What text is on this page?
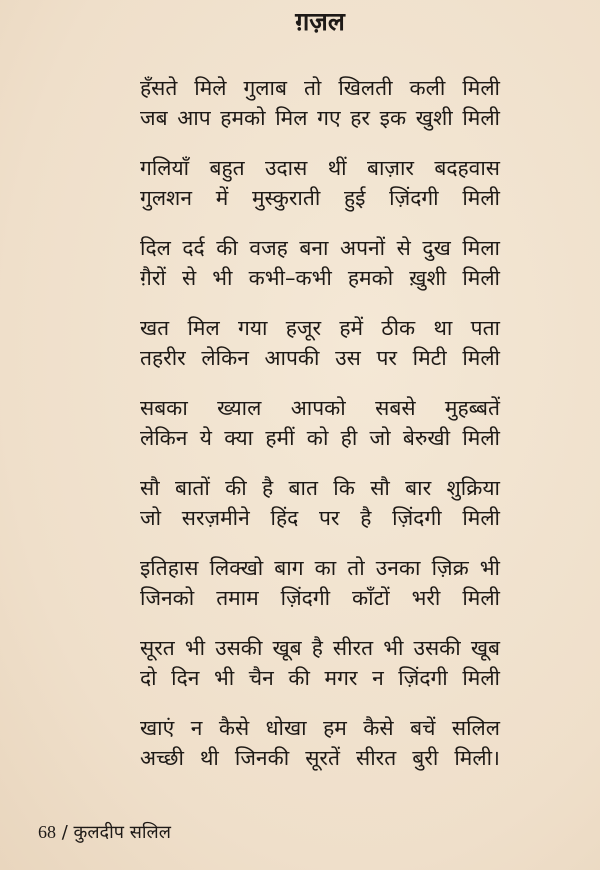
ग़ज़ल
हँसते मिले गुलाब तो खिलती कली मिली
जब आप हमको मिल गए हर इक खुशी मिली
गलियाँ बहुत उदास थीं बाज़ार बदहवास
गुलशन में मुस्कुराती हुई ज़िंदगी मिली
दिल दर्द की वजह बना अपनों से दुख मिला
ग़ैरों से भी कभी–कभी हमको ख़ुशी मिली
खत मिल गया हजूर हमें ठीक था पता
तहरीर लेकिन आपकी उस पर मिटी मिली
सबका ख्याल आपको सबसे मुहब्बतें
लेकिन ये क्या हमीं को ही जो बेरुखी मिली
सौ बातों की है बात कि सौ बार शुक्रिया
जो सरज़मीने हिंद पर है ज़िंदगी मिली
इतिहास लिक्खो बाग का तो उनका ज़िक्र भी
जिनको तमाम ज़िंदगी काँटों भरी मिली
सूरत भी उसकी खूब है सीरत भी उसकी खूब
दो दिन भी चैन की मगर न ज़िंदगी मिली
खाएं न कैसे धोखा हम कैसे बचें सलिल
अच्छी थी जिनकी सूरतें सीरत बुरी मिली।
68 / कुलदीप सलिल
